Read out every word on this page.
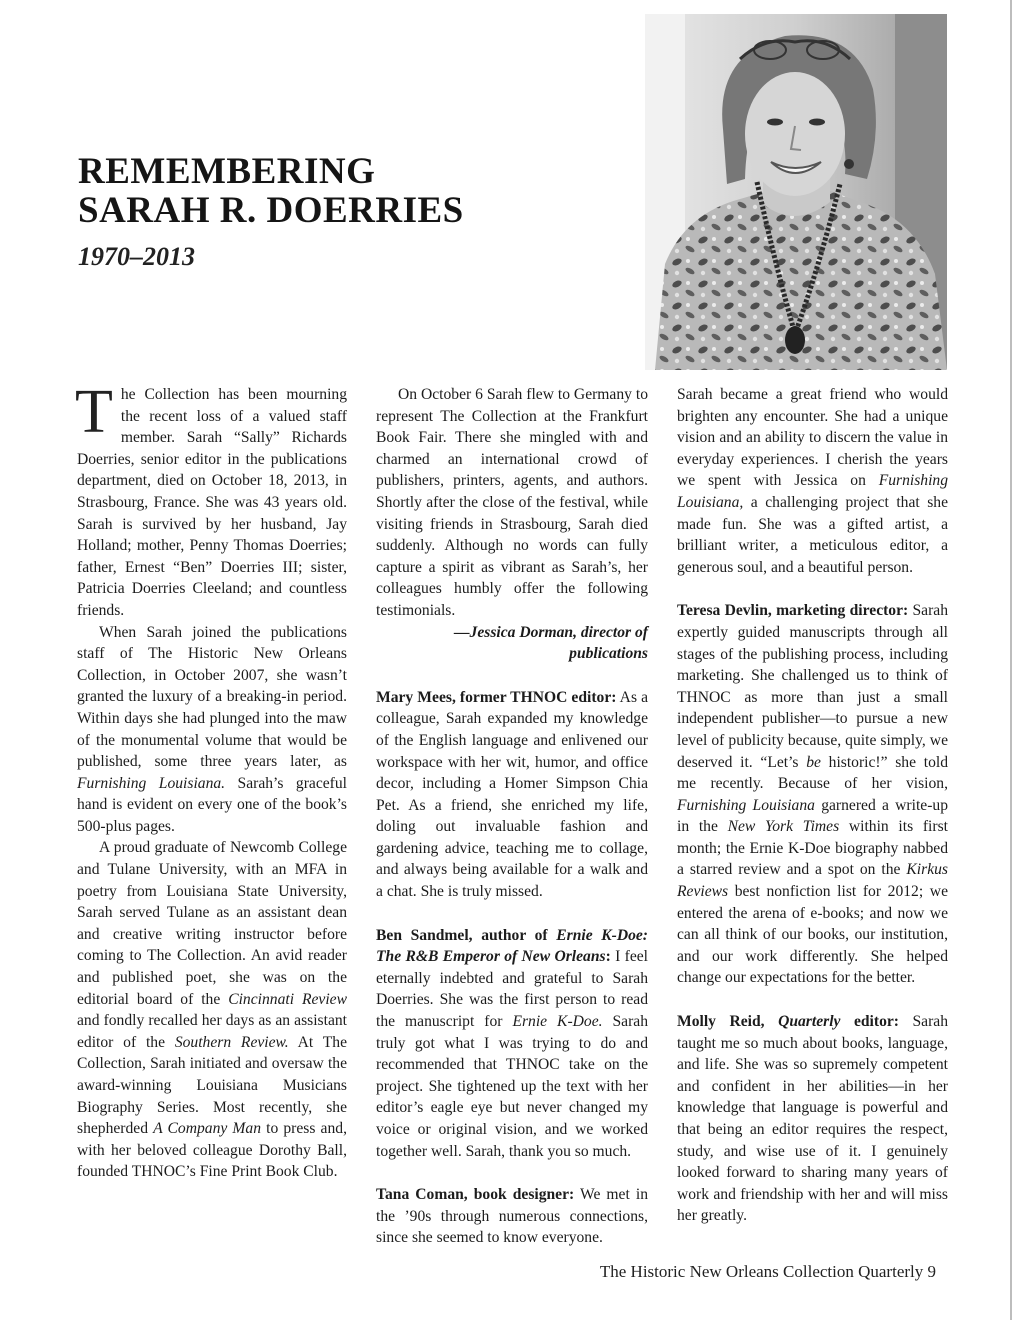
REMEMBERING
SARAH R. DOERRIES
1970–2013

The Collection has been mourning the recent loss of a valued staff member. Sarah “Sally” Richards Doerries, senior editor in the publications department, died on October 18, 2013, in Strasbourg, France. She was 43 years old. Sarah is survived by her husband, Jay Holland; mother, Penny Thomas Doerries; father, Ernest “Ben” Doerries III; sister, Patricia Doerries Cleeland; and countless friends.

When Sarah joined the publications staff of The Historic New Orleans Collection, in October 2007, she wasn’t granted the luxury of a breaking-in period. Within days she had plunged into the maw of the monumental volume that would be published, some three years later, as Furnishing Louisiana. Sarah’s graceful hand is evident on every one of the book’s 500-plus pages.

A proud graduate of Newcomb College and Tulane University, with an MFA in poetry from Louisiana State University, Sarah served Tulane as an assistant dean and creative writing instructor before coming to The Collection. An avid reader and published poet, she was on the editorial board of the Cincinnati Review and fondly recalled her days as an assistant editor of the Southern Review. At The Collection, Sarah initiated and oversaw the award-winning Louisiana Musicians Biography Series. Most recently, she shepherded A Company Man to press and, with her beloved colleague Dorothy Ball, founded THNOC’s Fine Print Book Club.

On October 6 Sarah flew to Germany to represent The Collection at the Frankfurt Book Fair. There she mingled with and charmed an international crowd of publishers, printers, agents, and authors. Shortly after the close of the festival, while visiting friends in Strasbourg, Sarah died suddenly. Although no words can fully capture a spirit as vibrant as Sarah’s, her colleagues humbly offer the following testimonials.

—Jessica Dorman, director of publications

Mary Mees, former THNOC editor: As a colleague, Sarah expanded my knowledge of the English language and enlivened our workspace with her wit, humor, and office decor, including a Homer Simpson Chia Pet. As a friend, she enriched my life, doling out invaluable fashion and gardening advice, teaching me to collage, and always being available for a walk and a chat. She is truly missed.

Ben Sandmel, author of Ernie K-Doe: The R&B Emperor of New Orleans: I feel eternally indebted and grateful to Sarah Doerries. She was the first person to read the manuscript for Ernie K-Doe. Sarah truly got what I was trying to do and recommended that THNOC take on the project. She tightened up the text with her editor’s eagle eye but never changed my voice or original vision, and we worked together well. Sarah, thank you so much.

Tana Coman, book designer: We met in the ’90s through numerous connections, since she seemed to know everyone.

Sarah became a great friend who would brighten any encounter. She had a unique vision and an ability to discern the value in everyday experiences. I cherish the years we spent with Jessica on Furnishing Louisiana, a challenging project that she made fun. She was a gifted artist, a brilliant writer, a meticulous editor, a generous soul, and a beautiful person.

Teresa Devlin, marketing director: Sarah expertly guided manuscripts through all stages of the publishing process, including marketing. She challenged us to think of THNOC as more than just a small independent publisher—to pursue a new level of publicity because, quite simply, we deserved it. “Let’s be historic!” she told me recently. Because of her vision, Furnishing Louisiana garnered a write-up in the New York Times within its first month; the Ernie K-Doe biography nabbed a starred review and a spot on the Kirkus Reviews best nonfiction list for 2012; we entered the arena of e-books; and now we can all think of our books, our institution, and our work differently. She helped change our expectations for the better.

Molly Reid, Quarterly editor: Sarah taught me so much about books, language, and life. She was so supremely competent and confident in her abilities—in her knowledge that language is powerful and that being an editor requires the respect, study, and wise use of it. I genuinely looked forward to sharing many years of work and friendship with her and will miss her greatly.

The Historic New Orleans Collection Quarterly 9
